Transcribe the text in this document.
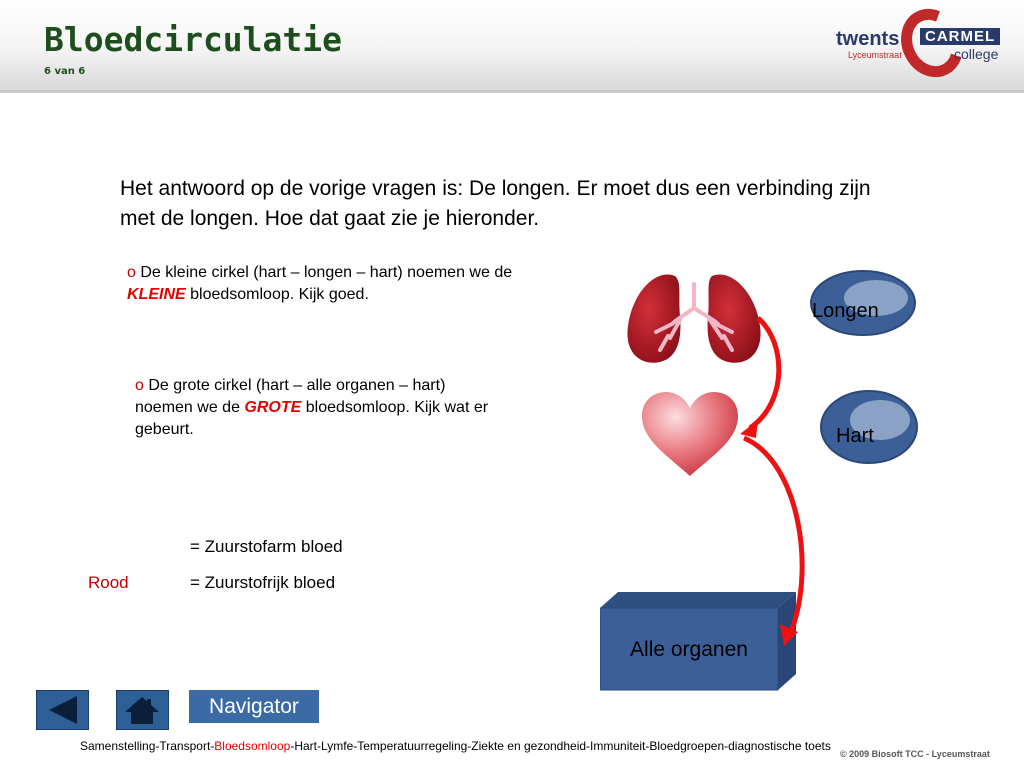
Bloedcirculatie
6 van 6
twents
Lyceumstraat
CARMEL
college
Het antwoord op de vorige vragen is: De longen. Er moet dus een verbinding zijn met de longen. Hoe dat gaat zie je hieronder.
o De kleine cirkel (hart – longen – hart) noemen we de KLEINE bloedsomloop. Kijk goed.
o De grote cirkel (hart – alle organen – hart) noemen we de GROTE bloedsomloop. Kijk wat er gebeurt.
= Zuurstofarm bloed
Rood	= Zuurstofrijk bloed
Longen
Hart
Alle organen
Navigator
Samenstelling-Transport-Bloedsomloop-Hart-Lymfe-Temperatuurregeling-Ziekte en gezondheid-Immuniteit-Bloedgroepen-diagnostische toets
© 2009 Biosoft TCC - Lyceumstraat
